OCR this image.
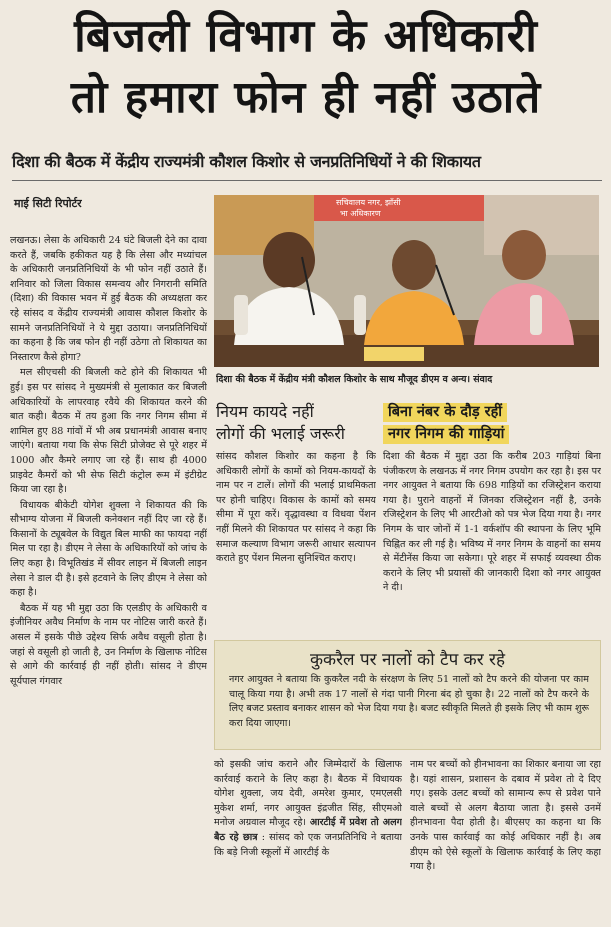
बिजली विभाग के अधिकारी
तो हमारा फोन ही नहीं उठाते
दिशा की बैठक में केंद्रीय राज्यमंत्री कौशल किशोर से जनप्रतिनिधियों ने की शिकायत
माई सिटी रिपोर्टर	सचिवालय नगर, झाँसी
भा अधिकारण
दिशा की बैठक में केंद्रीय मंत्री कौशल किशोर के साथ मौजूद डीएम व अन्य। संवाद

लखनऊ। लेसा के अधिकारी 24 घंटे बिजली देने का दावा करते हैं, जबकि हकीकत यह है कि लेसा और मध्यांचल के अधिकारी जनप्रतिनिधियों के भी फोन नहीं उठाते हैं। शनिवार को जिला विकास समन्वय और निगरानी समिति (दिशा) की विकास भवन में हुई बैठक की अध्यक्षता कर रहे सांसद व केंद्रीय राज्यमंत्री आवास कौशल किशोर के सामने जनप्रतिनिधियों ने ये मुद्दा उठाया। जनप्रतिनिधियों का कहना है कि जब फोन ही नहीं उठेगा तो शिकायत का निस्तारण कैसे होगा?

मल सीएचसी की बिजली कटे होने की शिकायत भी हुई। इस पर सांसद ने मुख्यमंत्री से मुलाकात कर बिजली अधिकारियों के लापरवाह रवैये की शिकायत करने की बात कही। बैठक में तय हुआ कि नगर निगम सीमा में शामिल हुए 88 गांवों में भी अब प्रधानमंत्री आवास बनाए जाएंगे। बताया गया कि सेफ सिटी प्रोजेक्ट से पूरे शहर में 1000 और कैमरे लगाए जा रहे हैं। साथ ही 4000 प्राइवेट कैमरों को भी सेफ सिटी कंट्रोल रूम में इंटीग्रेट किया जा रहा है।

विधायक बीकेटी योगेश शुक्ला ने शिकायत की कि सौभाग्य योजना में बिजली कनेक्शन नहीं दिए जा रहे हैं। किसानों के ट्यूबवेल के विद्युत बिल माफी का फायदा नहीं मिल पा रहा है। डीएम ने लेसा के अधिकारियों को जांच के लिए कहा है। विभूतिखंड में सीवर लाइन में बिजली लाइन लेसा ने डाल दी है। इसे हटवाने के लिए डीएम ने लेसा को कहा है।

बैठक में यह भी मुद्दा उठा कि एलडीए के अधिकारी व इंजीनियर अवैध निर्माण के नाम पर नोटिस जारी करते हैं। असल में इसके पीछे उद्देश्य सिर्फ अवैध वसूली होता है। जहां से वसूली हो जाती है, उन निर्माण के खिलाफ नोटिस से आगे की कार्रवाई ही नहीं होती। सांसद ने डीएम सूर्यपाल गंगवार

नियम कायदे नहीं
लोगों की भलाई जरूरी
सांसद कौशल किशोर का कहना है कि अधिकारी लोगों के कामों को नियम-कायदों के नाम पर न टालें। लोगों की भलाई प्राथमिकता पर होनी चाहिए। विकास के कामों को समय सीमा में पूरा करें। वृद्धावस्था व विधवा पेंशन नहीं मिलने की शिकायत पर सांसद ने कहा कि समाज कल्याण विभाग जरूरी आधार सत्यापन कराते हुए पेंशन मिलना सुनिश्चित कराए।
बिना नंबर के दौड़ रहीं
नगर निगम की गाड़ियां
दिशा की बैठक में मुद्दा उठा कि करीब 203 गाड़ियां बिना पंजीकरण के लखनऊ में नगर निगम उपयोग कर रहा है। इस पर नगर आयुक्त ने बताया कि 698 गाड़ियों का रजिस्ट्रेशन कराया गया है। पुराने वाहनों में जिनका रजिस्ट्रेशन नहीं है, उनके रजिस्ट्रेशन के लिए भी आरटीओ को पत्र भेज दिया गया है। नगर निगम के चार जोनों में 1-1 वर्कशॉप की स्थापना के लिए भूमि चिह्नित कर ली गई है। भविष्य में नगर निगम के वाहनों का समय से मेंटीनेंस किया जा सकेगा। पूरे शहर में सफाई व्यवस्था ठीक कराने के लिए भी प्रयासों की जानकारी दिशा को नगर आयुक्त ने दी।
कुकरैल पर नालों को टैप कर रहे
नगर आयुक्त ने बताया कि कुकरैल नदी के संरक्षण के लिए 51 नालों को टैप करने की योजना पर काम चालू किया गया है। अभी तक 17 नालों से गंदा पानी गिरना बंद हो चुका है। 22 नालों को टैप करने के लिए बजट प्रस्ताव बनाकर शासन को भेज दिया गया है। बजट स्वीकृति मिलते ही इसके लिए भी काम शुरू करा दिया जाएगा।
को इसकी जांच कराने और जिम्मेदारों के खिलाफ कार्रवाई कराने के लिए कहा है। बैठक में विधायक योगेश शुक्ला, जय देवी, अमरेश कुमार, एमएलसी मुकेश शर्मा, नगर आयुक्त इंद्रजीत सिंह, सीएमओ मनोज अग्रवाल मौजूद रहे। आरटीई में प्रवेश तो अलग बैठ रहे छात्र : सांसद को एक जनप्रतिनिधि ने बताया कि बड़े निजी स्कूलों में आरटीई के
नाम पर बच्चों को हीनभावना का शिकार बनाया जा रहा है। यहां शासन, प्रशासन के दबाव में प्रवेश तो दे दिए गए। इसके उलट बच्चों को सामान्य रूप से प्रवेश पाने वाले बच्चों से अलग बैठाया जाता है। इससे उनमें हीनभावना पैदा होती है। बीएसए का कहना था कि उनके पास कार्रवाई का कोई अधिकार नहीं है। अब डीएम को ऐसे स्कूलों के खिलाफ कार्रवाई के लिए कहा गया है।
